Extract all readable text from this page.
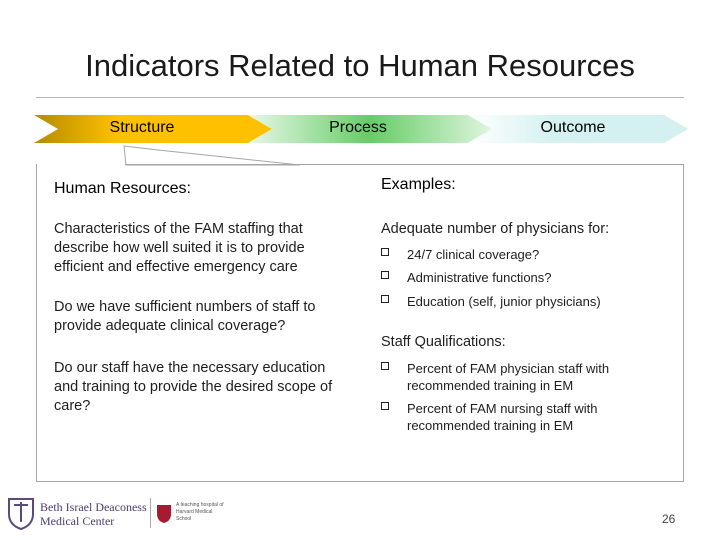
Indicators Related to Human Resources
Structure	Process	Outcome
Human Resources:
Characteristics of the FAM staffing that describe how well suited it is to provide efficient and effective emergency care
Do we have sufficient numbers of staff to provide adequate clinical coverage?
Do our staff have the necessary education and training to provide the desired scope of care?
Examples:
Adequate number of physicians for:
24/7 clinical coverage?
Administrative functions?
Education (self, junior physicians)
Staff Qualifications:
Percent of FAM physician staff with recommended training in EM
Percent of FAM nursing staff with recommended training in EM
Beth Israel Deaconess
Medical Center
A teaching hospital of Harvard Medical School	26
